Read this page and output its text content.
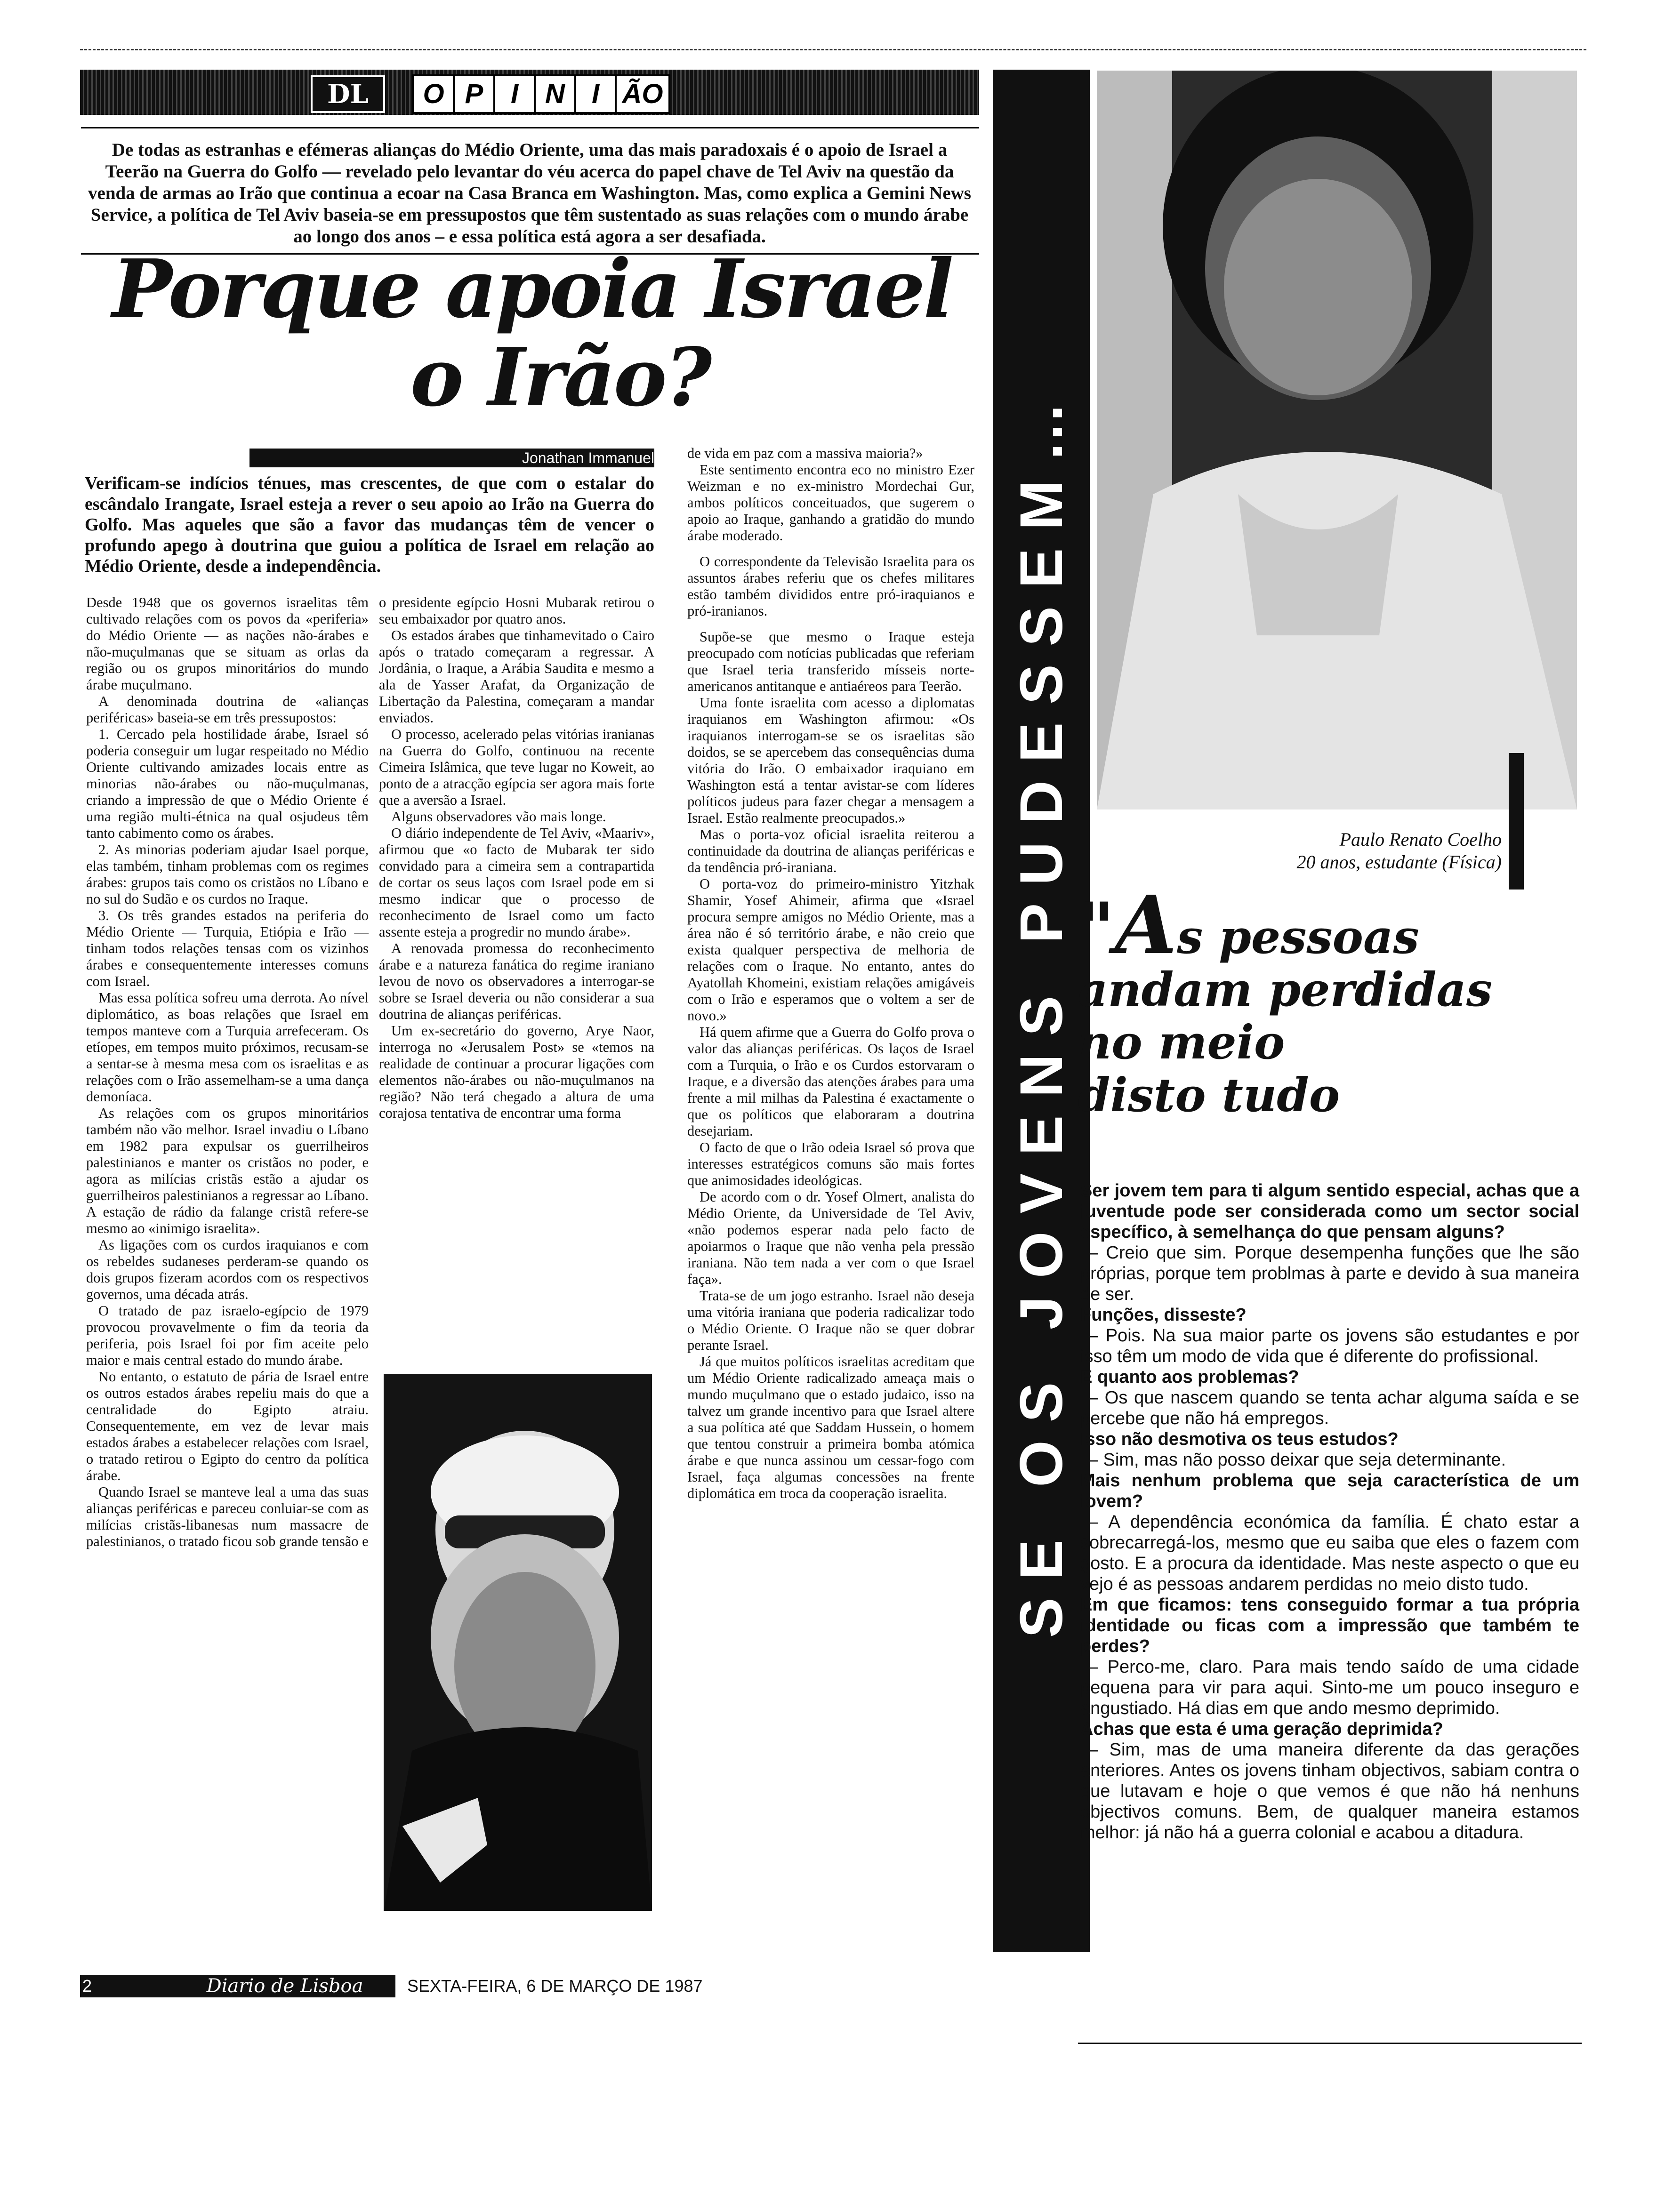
DL	O P	I N I ÃO
De todas as estranhas e efémeras alianças do Médio Oriente, uma das mais paradoxais é o apoio de Israel a Teerão na Guerra do Golfo — revelado pelo levantar do véu acerca do papel chave de Tel Aviv na questão da venda de armas ao Irão que continua a ecoar na Casa Branca em Washington. Mas, como explica a Gemini News Service, a política de Tel Aviv baseia-se em pressupostos que têm sustentado as suas relações com o mundo árabe ao longo dos anos – e essa política está agora a ser desafiada.
Porque apoia Israel
o Irão?
Jonathan Immanuel
Verificam-se indícios ténues, mas crescentes, de que com o estalar do escândalo Irangate, Israel esteja a rever o seu apoio ao Irão na Guerra do Golfo. Mas aqueles que são a favor das mudanças têm de vencer o profundo apego à doutrina que guiou a política de Israel em relação ao Médio Oriente, desde a independência.

Desde 1948 que os governos israelitas têm cultivado relações com os povos da «periferia» do Médio Oriente — as nações não-árabes e não-muçulmanas que se situam as orlas da região ou os grupos minoritários do mundo árabe muçulmano.

A denominada doutrina de «alianças periféricas» baseia-se em três pressupostos:

1. Cercado pela hostilidade árabe, Israel só poderia conseguir um lugar respeitado no Médio Oriente cultivando amizades locais entre as minorias não-árabes ou não-muçulmanas, criando a impressão de que o Médio Oriente é uma região multi-étnica na qual osjudeus têm tanto cabimento como os árabes.

2. As minorias poderiam ajudar Isael porque, elas também, tinham problemas com os regimes árabes: grupos tais como os cristãos no Líbano e no sul do Sudão e os curdos no Iraque.

3. Os três grandes estados na periferia do Médio Oriente — Turquia, Etiópia e Irão — tinham todos relações tensas com os vizinhos árabes e consequentemente interesses comuns com Israel.

Mas essa política sofreu uma derrota. Ao nível diplomático, as boas relações que Israel em tempos manteve com a Turquia arrefeceram. Os etíopes, em tempos muito próximos, recusam-se a sentar-se à mesma mesa com os israelitas e as relações com o Irão assemelham-se a uma dança demoníaca.

As relações com os grupos minoritários também não vão melhor. Israel invadiu o Líbano em 1982 para expulsar os guerrilheiros palestinianos e manter os cristãos no poder, e agora as milícias cristãs estão a ajudar os guerrilheiros palestinianos a regressar ao Líbano. A estação de rádio da falange cristã refere-se mesmo ao «inimigo israelita».

As ligações com os curdos iraquianos e com os rebeldes sudaneses perderam-se quando os dois grupos fizeram acordos com os respectivos governos, uma década atrás.

O tratado de paz israelo-egípcio de 1979 provocou provavelmente o fim da teoria da periferia, pois Israel foi por fim aceite pelo maior e mais central estado do mundo árabe.

No entanto, o estatuto de pária de Israel entre os outros estados árabes repeliu mais do que a centralidade do Egipto atraiu. Consequentemente, em vez de levar mais estados árabes a estabelecer relações com Israel, o tratado retirou o Egipto do centro da política árabe.

Quando Israel se manteve leal a uma das suas alianças periféricas e pareceu conluiar-se com as milícias cristãs-libanesas num massacre de palestinianos, o tratado ficou sob grande tensão e

o presidente egípcio Hosni Mubarak retirou o seu embaixador por quatro anos.

Os estados árabes que tinhamevitado o Cairo após o tratado começaram a regressar. A Jordânia, o Iraque, a Arábia Saudita e mesmo a ala de Yasser Arafat, da Organização de Libertação da Palestina, começaram a mandar enviados.

O processo, acelerado pelas vitórias iranianas na Guerra do Golfo, continuou na recente Cimeira Islâmica, que teve lugar no Koweit, ao ponto de a atracção egípcia ser agora mais forte que a aversão a Israel.

Alguns observadores vão mais longe.

O diário independente de Tel Aviv, «Maariv», afirmou que «o facto de Mubarak ter sido convidado para a cimeira sem a contrapartida de cortar os seus laços com Israel pode em si mesmo indicar que o processo de reconhecimento de Israel como um facto assente esteja a progredir no mundo árabe».

A renovada promessa do reconhecimento árabe e a natureza fanática do regime iraniano levou de novo os observadores a interrogar-se sobre se Israel deveria ou não considerar a sua doutrina de alianças periféricas.

Um ex-secretário do governo, Arye Naor, interroga no «Jerusalem Post» se «temos na realidade de continuar a procurar ligações com elementos não-árabes ou não-muçulmanos na região? Não terá chegado a altura de uma corajosa tentativa de encontrar uma forma

de vida em paz com a massiva maioria?»

Este sentimento encontra eco no ministro Ezer Weizman e no ex-ministro Mordechai Gur, ambos políticos conceituados, que sugerem o apoio ao Iraque, ganhando a gratidão do mundo árabe moderado.

O correspondente da Televisão Israelita para os assuntos árabes referiu que os chefes militares estão também divididos entre pró-iraquianos e pró-iranianos.

Supõe-se que mesmo o Iraque esteja preocupado com notícias publicadas que referiam que Israel teria transferido mísseis norte-americanos antitanque e antiaéreos para Teerão.

Uma fonte israelita com acesso a diplomatas iraquianos em Washington afirmou: «Os iraquianos interrogam-se se os israelitas são doidos, se se apercebem das consequências duma vitória do Irão. O embaixador iraquiano em Washington está a tentar avistar-se com líderes políticos judeus para fazer chegar a mensagem a Israel. Estão realmente preocupados.»

Mas o porta-voz oficial israelita reiterou a continuidade da doutrina de alianças periféricas e da tendência pró-iraniana.

O porta-voz do primeiro-ministro Yitzhak Shamir, Yosef Ahimeir, afirma que «Israel procura sempre amigos no Médio Oriente, mas a área não é só território árabe, e não creio que exista qualquer perspectiva de melhoria de relações com o Iraque. No entanto, antes do Ayatollah Khomeini, existiam relações amigáveis com o Irão e esperamos que o voltem a ser de novo.»

Há quem afirme que a Guerra do Golfo prova o valor das alianças periféricas. Os laços de Israel com a Turquia, o Irão e os Curdos estorvaram o Iraque, e a diversão das atenções árabes para uma frente a mil milhas da Palestina é exactamente o que os políticos que elaboraram a doutrina desejariam.

O facto de que o Irão odeia Israel só prova que interesses estratégicos comuns são mais fortes que animosidades ideológicas.

De acordo com o dr. Yosef Olmert, analista do Médio Oriente, da Universidade de Tel Aviv, «não podemos esperar nada pelo facto de apoiarmos o Iraque que não venha pela pressão iraniana. Não tem nada a ver com o que Israel faça».

Trata-se de um jogo estranho. Israel não deseja uma vitória iraniana que poderia radicalizar todo o Médio Oriente. O Iraque não se quer dobrar perante Israel.

Já que muitos políticos israelitas acreditam que um Médio Oriente radicalizado ameaça mais o mundo muçulmano que o estado judaico, isso na talvez um grande incentivo para que Israel altere a sua política até que Saddam Hussein, o homem que tentou construir a primeira bomba atómica árabe e que nunca assinou um cessar-fogo com Israel, faça algumas concessões na frente diplomática em troca da cooperação israelita.	SE OS JOVENS PUDESSEM…	Paulo Renato Coelho
20 anos, estudante (Física)
"As pessoas
andam perdidas
no meio
disto tudo

Ser jovem tem para ti algum sentido especial, achas que a juventude pode ser considerada como um sector social específico, à semelhança do que pensam alguns?

— Creio que sim. Porque desempenha funções que lhe são próprias, porque tem problmas à parte e devido à sua maneira de ser.

Funções, disseste?

— Pois. Na sua maior parte os jovens são estudantes e por isso têm um modo de vida que é diferente do profissional.

E quanto aos problemas?

— Os que nascem quando se tenta achar alguma saída e se percebe que não há empregos.

Isso não desmotiva os teus estudos?

— Sim, mas não posso deixar que seja determinante.

Mais nenhum problema que seja característica de um jovem?

— A dependência económica da família. É chato estar a sobrecarregá-los, mesmo que eu saiba que eles o fazem com gosto. E a procura da identidade. Mas neste aspecto o que eu vejo é as pessoas andarem perdidas no meio disto tudo.

Em que ficamos: tens conseguido formar a tua própria identidade ou ficas com a impressão que também te perdes?

— Perco-me, claro. Para mais tendo saído de uma cidade pequena para vir para aqui. Sinto-me um pouco inseguro e angustiado. Há dias em que ando mesmo deprimido.

Achas que esta é uma geração deprimida?

— Sim, mas de uma maneira diferente da das gerações anteriores. Antes os jovens tinham objectivos, sabiam contra o que lutavam e hoje o que vemos é que não há nenhuns objectivos comuns. Bem, de qualquer maneira estamos melhor: já não há a guerra colonial e acabou a ditadura.

2	Diario de Lisboa	SEXTA-FEIRA, 6 DE MARÇO DE 1987
